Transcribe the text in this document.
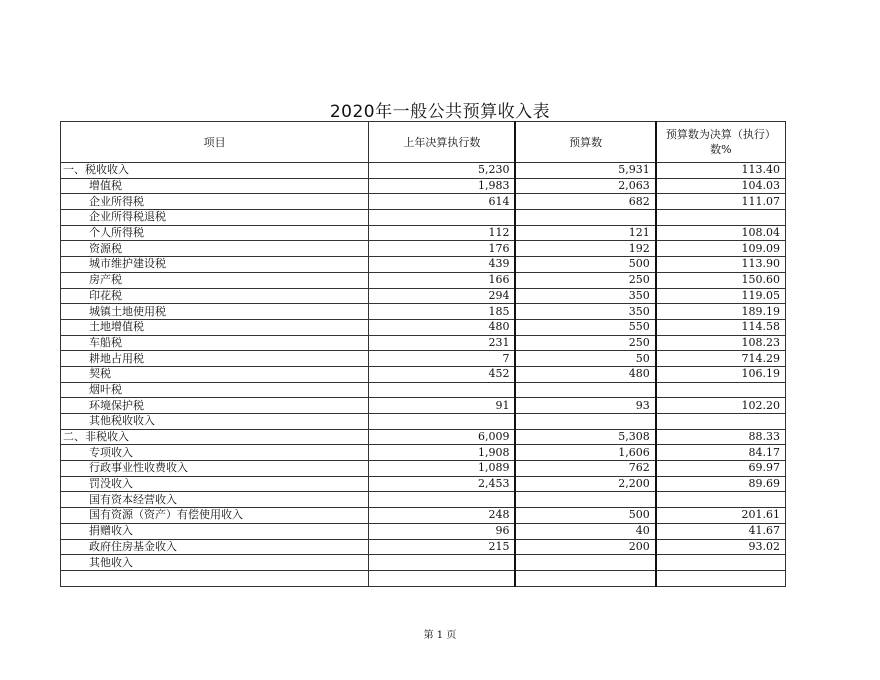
2020年一般公共预算收入表
项目	上年决算执行数	预算数	预算数为决算（执行）数%
一、税收收入	5,230	5,931	113.40
增值税	1,983	2,063	104.03
企业所得税	614	682	111.07
企业所得税退税			
个人所得税	112	121	108.04
资源税	176	192	109.09
城市维护建设税	439	500	113.90
房产税	166	250	150.60
印花税	294	350	119.05
城镇土地使用税	185	350	189.19
土地增值税	480	550	114.58
车船税	231	250	108.23
耕地占用税	7	50	714.29
契税	452	480	106.19
烟叶税			
环境保护税	91	93	102.20
其他税收收入			
二、非税收入	6,009	5,308	88.33
专项收入	1,908	1,606	84.17
行政事业性收费收入	1,089	762	69.97
罚没收入	2,453	2,200	89.69
国有资本经营收入			
国有资源（资产）有偿使用收入	248	500	201.61
捐赠收入	96	40	41.67
政府住房基金收入	215	200	93.02
其他收入			

第 1 页
